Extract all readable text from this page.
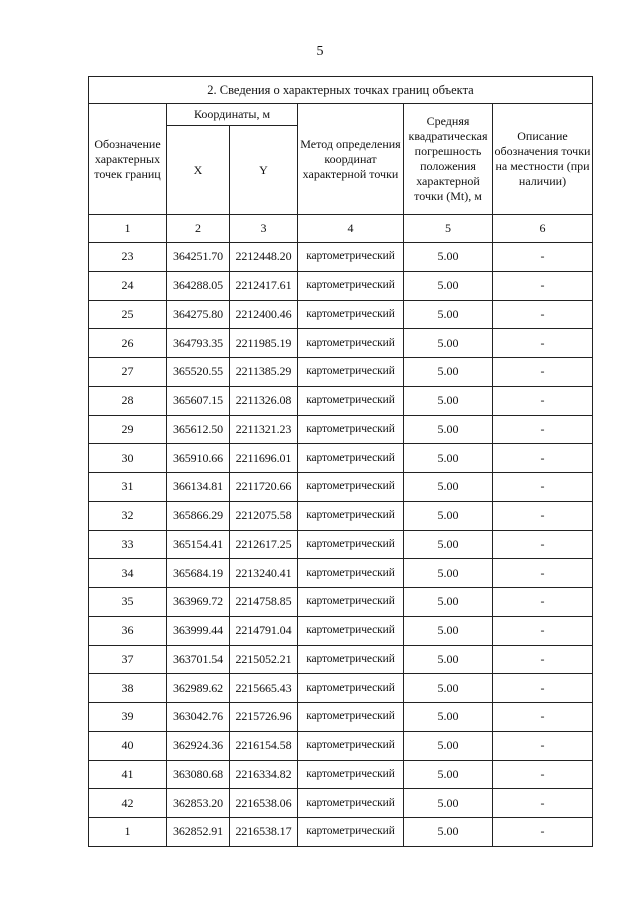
5
2. Сведения о характерных точках границ объекта					
Обозначение характерных точек границ	Координаты, м		Метод определения координат характерной точки	Средняя квадратическая погрешность положения характерной точки (Mt), м	Описание обозначения точки на местности (при наличии)
	X	Y			
1	2	3	4	5	6
23	364251.70	2212448.20	картометрический	5.00	-
24	364288.05	2212417.61	картометрический	5.00	-
25	364275.80	2212400.46	картометрический	5.00	-
26	364793.35	2211985.19	картометрический	5.00	-
27	365520.55	2211385.29	картометрический	5.00	-
28	365607.15	2211326.08	картометрический	5.00	-
29	365612.50	2211321.23	картометрический	5.00	-
30	365910.66	2211696.01	картометрический	5.00	-
31	366134.81	2211720.66	картометрический	5.00	-
32	365866.29	2212075.58	картометрический	5.00	-
33	365154.41	2212617.25	картометрический	5.00	-
34	365684.19	2213240.41	картометрический	5.00	-
35	363969.72	2214758.85	картометрический	5.00	-
36	363999.44	2214791.04	картометрический	5.00	-
37	363701.54	2215052.21	картометрический	5.00	-
38	362989.62	2215665.43	картометрический	5.00	-
39	363042.76	2215726.96	картометрический	5.00	-
40	362924.36	2216154.58	картометрический	5.00	-
41	363080.68	2216334.82	картометрический	5.00	-
42	362853.20	2216538.06	картометрический	5.00	-
1	362852.91	2216538.17	картометрический	5.00	-
